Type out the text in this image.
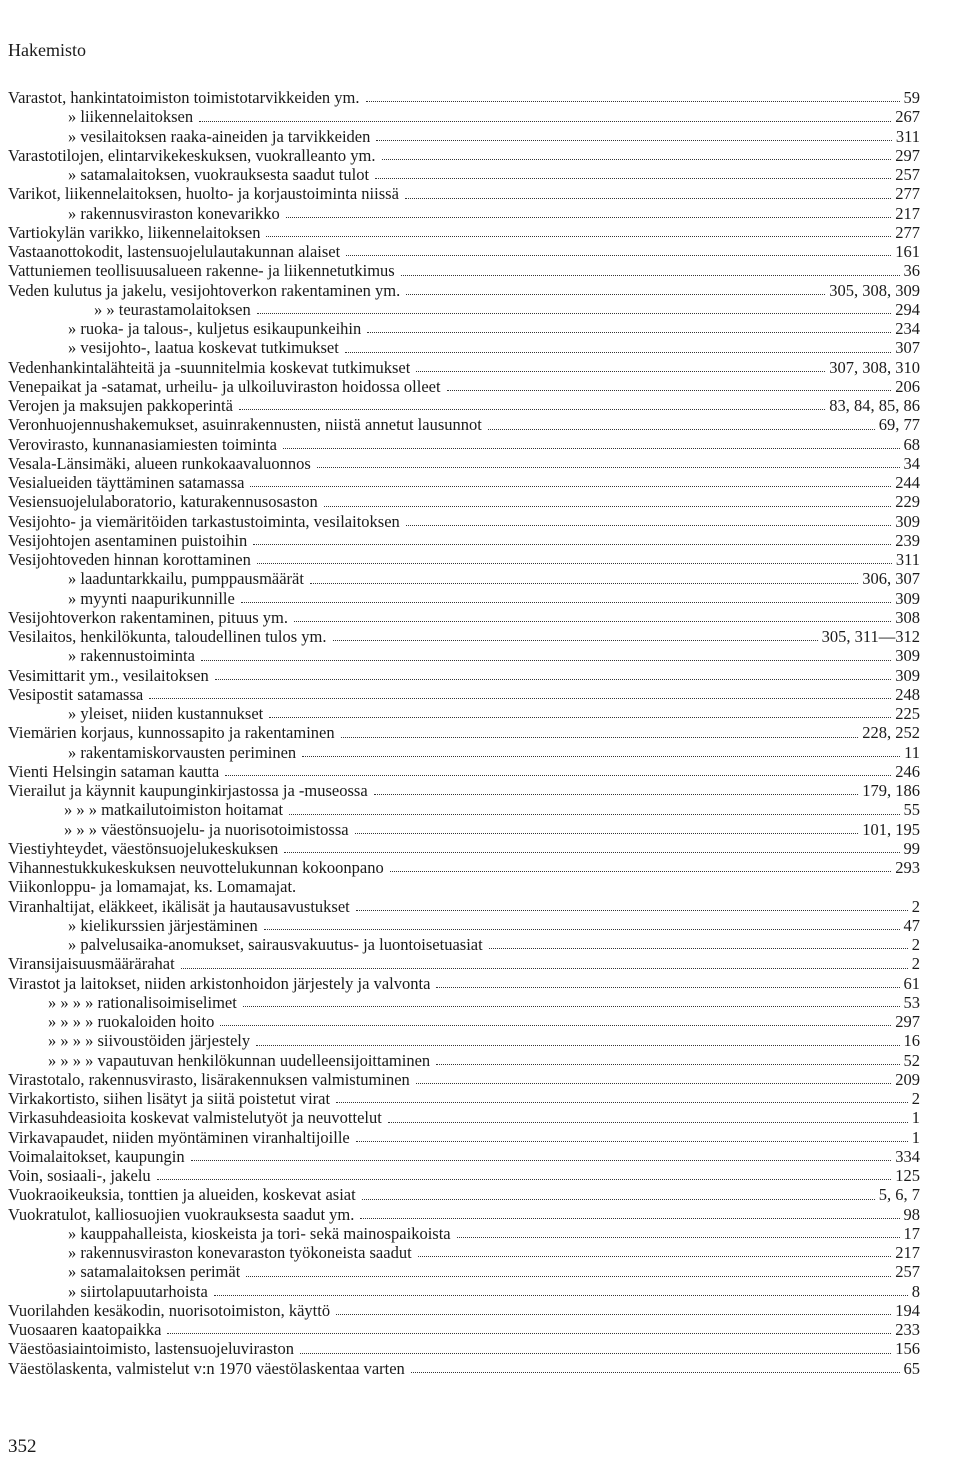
Hakemisto
Varastot, hankintatoimiston toimistotarvikkeiden ym.	59
» liikennelaitoksen	267
» vesilaitoksen raaka-aineiden ja tarvikkeiden	311
Varastotilojen, elintarvikekeskuksen, vuokralleanto ym.	297
» satamalaitoksen, vuokrauksesta saadut tulot	257
Varikot, liikennelaitoksen, huolto- ja korjaustoiminta niissä	277
» rakennusviraston konevarikko	217
Vartiokylän varikko, liikennelaitoksen	277
Vastaanottokodit, lastensuojelulautakunnan alaiset	161
Vattuniemen teollisuusalueen rakenne- ja liikennetutkimus	36
Veden kulutus ja jakelu, vesijohtoverkon rakentaminen ym.	305, 308, 309
» » teurastamolaitoksen	294
» ruoka- ja talous-, kuljetus esikaupunkeihin	234
» vesijohto-, laatua koskevat tutkimukset	307
Vedenhankintalähteitä ja -suunnitelmia koskevat tutkimukset	307, 308, 310
Venepaikat ja -satamat, urheilu- ja ulkoiluviraston hoidossa olleet	206
Verojen ja maksujen pakkoperintä	83, 84, 85, 86
Veronhuojennushakemukset, asuinrakennusten, niistä annetut lausunnot	69, 77
Verovirasto, kunnanasiamiesten toiminta	68
Vesala-Länsimäki, alueen runkokaavaluonnos	34
Vesialueiden täyttäminen satamassa	244
Vesiensuojelulaboratorio, katurakennusosaston	229
Vesijohto- ja viemäritöiden tarkastustoiminta, vesilaitoksen	309
Vesijohtojen asentaminen puistoihin	239
Vesijohtoveden hinnan korottaminen	311
» laaduntarkkailu, pumppausmäärät	306, 307
» myynti naapurikunnille	309
Vesijohtoverkon rakentaminen, pituus ym.	308
Vesilaitos, henkilökunta, taloudellinen tulos ym.	305, 311—312
» rakennustoiminta	309
Vesimittarit ym., vesilaitoksen	309
Vesipostit satamassa	248
» yleiset, niiden kustannukset	225
Viemärien korjaus, kunnossapito ja rakentaminen	228, 252
» rakentamiskorvausten periminen	11
Vienti Helsingin sataman kautta	246
Vierailut ja käynnit kaupunginkirjastossa ja -museossa	179, 186
» » » matkailutoimiston hoitamat	55
» » » väestönsuojelu- ja nuorisotoimistossa	101, 195
Viestiyhteydet, väestönsuojelukeskuksen	99
Vihannestukkukeskuksen neuvottelukunnan kokoonpano	293
Viikonloppu- ja lomamajat, ks. Lomamajat.
Viranhaltijat, eläkkeet, ikälisät ja hautausavustukset	2
» kielikurssien järjestäminen	47
» palvelusaika-anomukset, sairausvakuutus- ja luontoisetuasiat	2
Viransijaisuusmäärärahat	2
Virastot ja laitokset, niiden arkistonhoidon järjestely ja valvonta	61
» » » » rationalisoimiselimet	53
» » » » ruokaloiden hoito	297
» » » » siivoustöiden järjestely	16
» » » » vapautuvan henkilökunnan uudelleensijoittaminen	52
Virastotalo, rakennusvirasto, lisärakennuksen valmistuminen	209
Virkakortisto, siihen lisätyt ja siitä poistetut virat	2
Virkasuhdeasioita koskevat valmistelutyöt ja neuvottelut	1
Virkavapaudet, niiden myöntäminen viranhaltijoille	1
Voimalaitokset, kaupungin	334
Voin, sosiaali-, jakelu	125
Vuokraoikeuksia, tonttien ja alueiden, koskevat asiat	5, 6, 7
Vuokratulot, kalliosuojien vuokrauksesta saadut ym.	98
» kauppahalleista, kioskeista ja tori- sekä mainospaikoista	17
» rakennusviraston konevaraston työkoneista saadut	217
» satamalaitoksen perimät	257
» siirtolapuutarhoista	8
Vuorilahden kesäkodin, nuorisotoimiston, käyttö	194
Vuosaaren kaatopaikka	233
Väestöasiaintoimisto, lastensuojeluviraston	156
Väestölaskenta, valmistelut v:n 1970 väestölaskentaa varten	65
352
